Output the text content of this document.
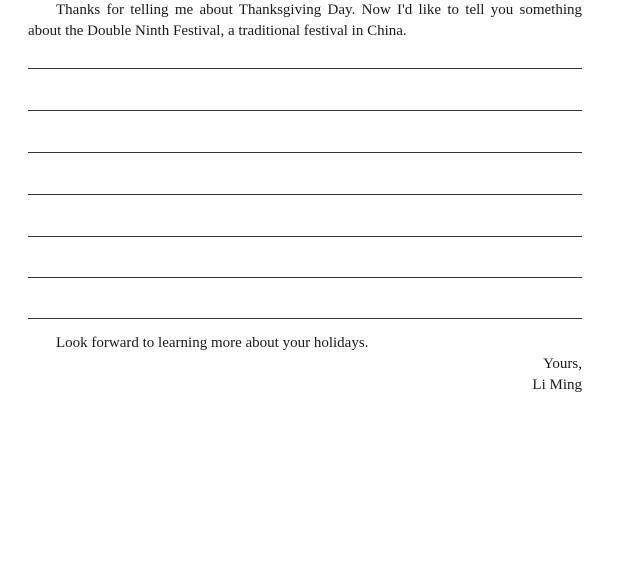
Thanks for telling me about Thanksgiving Day. Now I'd like to tell you something about the Double Ninth Festival, a traditional festival in China.

Look forward to learning more about your holidays.

Yours,

Li Ming
